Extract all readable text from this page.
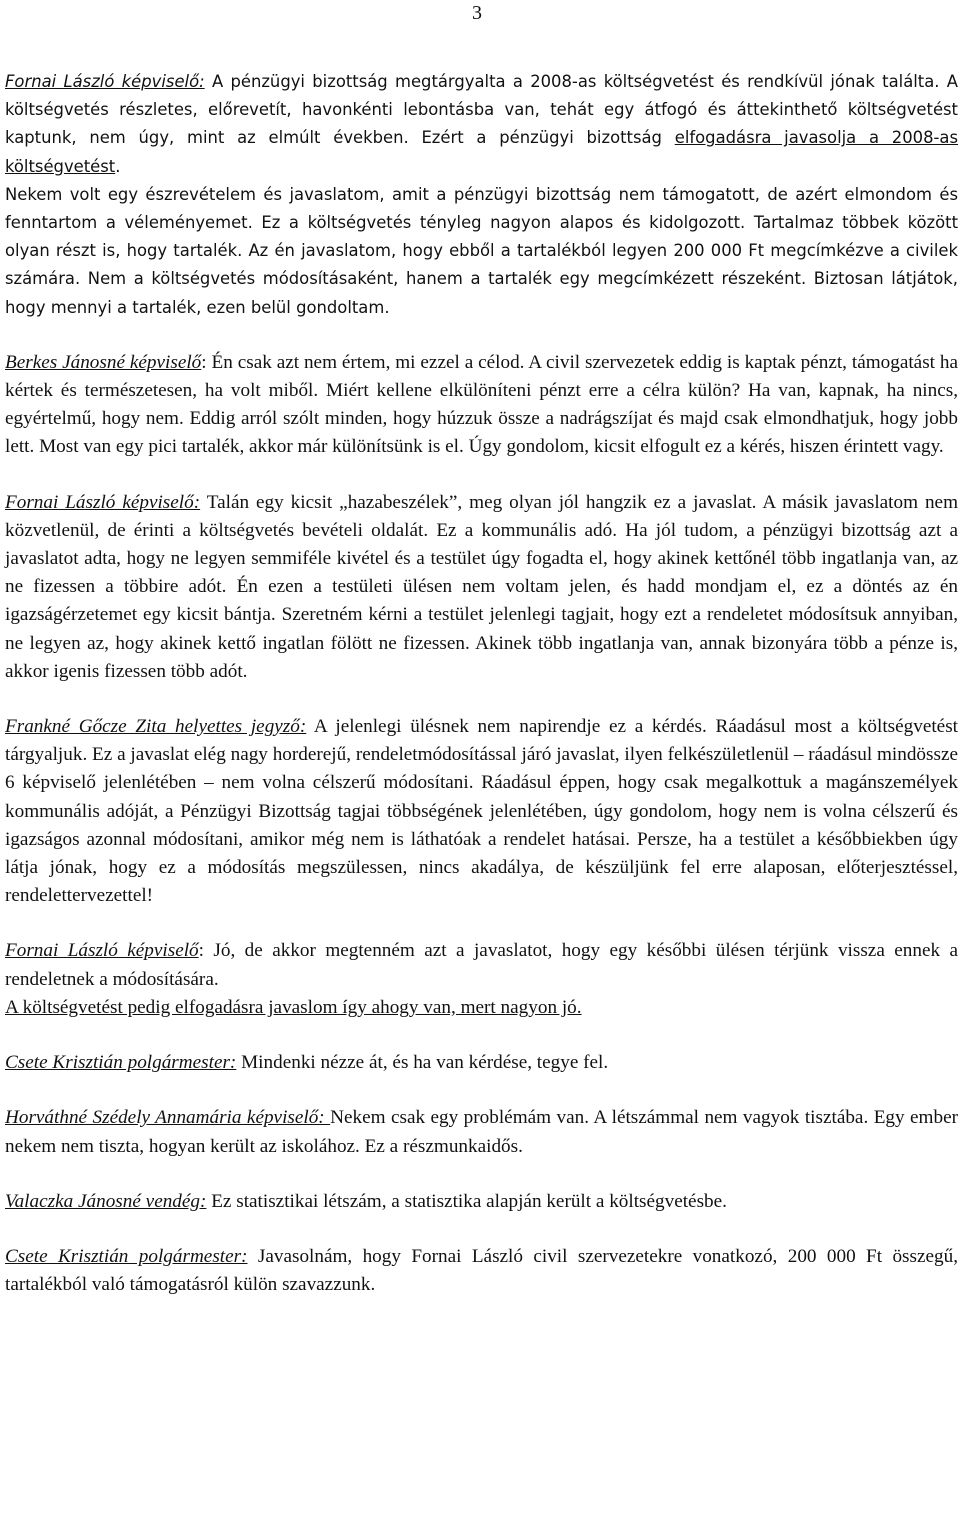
3

Fornai László képviselő: A pénzügyi bizottság megtárgyalta a 2008-as költségvetést és rendkívül jónak találta. A költségvetés részletes, előrevetít, havonkénti lebontásba van, tehát egy átfogó és áttekinthető költségvetést kaptunk, nem úgy, mint az elmúlt években. Ezért a pénzügyi bizottság elfogadásra javasolja a 2008-as költségvetést.

Nekem volt egy észrevételem és javaslatom, amit a pénzügyi bizottság nem támogatott, de azért elmondom és fenntartom a véleményemet. Ez a költségvetés tényleg nagyon alapos és kidolgozott. Tartalmaz többek között olyan részt is, hogy tartalék. Az én javaslatom, hogy ebből a tartalékból legyen 200 000 Ft megcímkézve a civilek számára. Nem a költségvetés módosításaként, hanem a tartalék egy megcímkézett részeként. Biztosan látjátok, hogy mennyi a tartalék, ezen belül gondoltam.

Berkes Jánosné képviselő: Én csak azt nem értem, mi ezzel a célod. A civil szervezetek eddig is kaptak pénzt, támogatást ha kértek és természetesen, ha volt miből. Miért kellene elkülöníteni pénzt erre a célra külön? Ha van, kapnak, ha nincs, egyértelmű, hogy nem. Eddig arról szólt minden, hogy húzzuk össze a nadrágszíjat és majd csak elmondhatjuk, hogy jobb lett. Most van egy pici tartalék, akkor már különítsünk is el. Úgy gondolom, kicsit elfogult ez a kérés, hiszen érintett vagy.

Fornai László képviselő: Talán egy kicsit „hazabeszélek”, meg olyan jól hangzik ez a javaslat. A másik javaslatom nem közvetlenül, de érinti a költségvetés bevételi oldalát. Ez a kommunális adó. Ha jól tudom, a pénzügyi bizottság azt a javaslatot adta, hogy ne legyen semmiféle kivétel és a testület úgy fogadta el, hogy akinek kettőnél több ingatlanja van, az ne fizessen a többire adót. Én ezen a testületi ülésen nem voltam jelen, és hadd mondjam el, ez a döntés az én igazságérzetemet egy kicsit bántja. Szeretném kérni a testület jelenlegi tagjait, hogy ezt a rendeletet módosítsuk annyiban, ne legyen az, hogy akinek kettő ingatlan fölött ne fizessen. Akinek több ingatlanja van, annak bizonyára több a pénze is, akkor igenis fizessen több adót.

Frankné Gőcze Zita helyettes jegyző: A jelenlegi ülésnek nem napirendje ez a kérdés. Ráadásul most a költségvetést tárgyaljuk. Ez a javaslat elég nagy horderejű, rendeletmódosítással járó javaslat, ilyen felkészületlenül – ráadásul mindössze 6 képviselő jelenlétében – nem volna célszerű módosítani. Ráadásul éppen, hogy csak megalkottuk a magánszemélyek kommunális adóját, a Pénzügyi Bizottság tagjai többségének jelenlétében, úgy gondolom, hogy nem is volna célszerű és igazságos azonnal módosítani, amikor még nem is láthatóak a rendelet hatásai. Persze, ha a testület a későbbiekben úgy látja jónak, hogy ez a módosítás megszülessen, nincs akadálya, de készüljünk fel erre alaposan, előterjesztéssel, rendelettervezettel!

Fornai László képviselő: Jó, de akkor megtenném azt a javaslatot, hogy egy későbbi ülésen térjünk vissza ennek a rendeletnek a módosítására.

A költségvetést pedig elfogadásra javaslom így ahogy van, mert nagyon jó.

Csete Krisztián polgármester: Mindenki nézze át, és ha van kérdése, tegye fel.

Horváthné Szédely Annamária képviselő: Nekem csak egy problémám van. A létszámmal nem vagyok tisztába. Egy ember nekem nem tiszta, hogyan került az iskolához. Ez a részmunkaidős.

Valaczka Jánosné vendég: Ez statisztikai létszám, a statisztika alapján került a költségvetésbe.

Csete Krisztián polgármester: Javasolnám, hogy Fornai László civil szervezetekre vonatkozó, 200 000 Ft összegű, tartalékból való támogatásról külön szavazzunk.
